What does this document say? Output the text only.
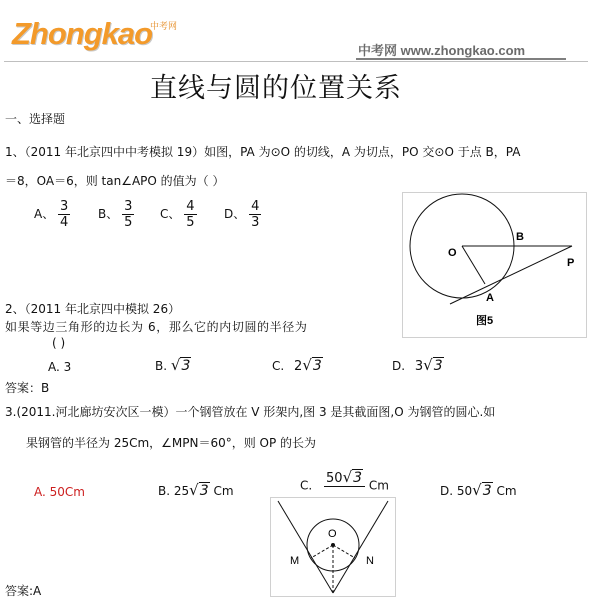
Zhongkao
中考网
中考网 www.zhongkao.com
直线与圆的位置关系
一、选择题
1、（2011 年北京四中中考模拟 19）如图，PA 为⊙O 的切线，A 为切点，PO 交⊙O 于点 B，PA
＝8，OA＝6，则 tan∠APO 的值为（ ）
A、 $\frac{3}{4}$ B、 $\frac{3}{5}$ C、 $\frac{4}{5}$ D、 $\frac{4}{3}$
O
B
P
A
图5
2、（2011 年北京四中模拟 26）
如果等边三角形的边长为 6，那么它的内切圆的半径为
( )
A. 3	B. √3	C. 2√3	D. 3√3
答案：B
3.(2011.河北廊坊安次区一模）一个钢管放在 V 形架内,图 3 是其截面图,O 为钢管的圆心.如
果钢管的半径为 25Cm，∠MPN＝60°，则 OP 的长为
A. 50Cm	B. 25√3 Cm	C. 50√3
Cm	D. 50√3 Cm
O
M	N
答案:A
